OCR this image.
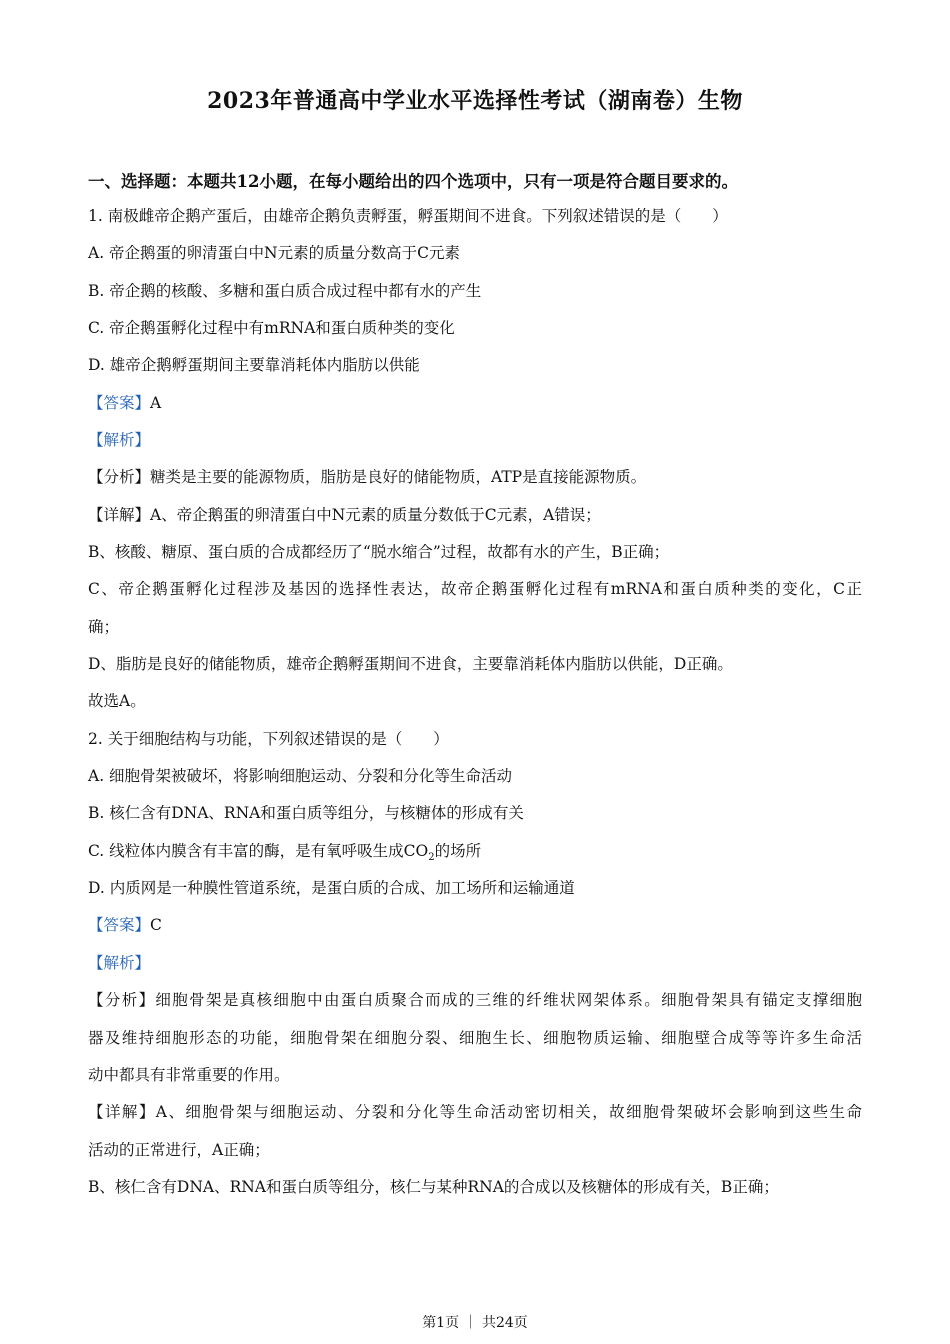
2023年普通高中学业水平选择性考试（湖南卷）生物
一、选择题：本题共12小题，在每小题给出的四个选项中，只有一项是符合题目要求的。
1. 南极雌帝企鹅产蛋后，由雄帝企鹅负责孵蛋，孵蛋期间不进食。下列叙述错误的是（　　）
A. 帝企鹅蛋的卵清蛋白中N元素的质量分数高于C元素
B. 帝企鹅的核酸、多糖和蛋白质合成过程中都有水的产生
C. 帝企鹅蛋孵化过程中有mRNA和蛋白质种类的变化
D. 雄帝企鹅孵蛋期间主要靠消耗体内脂肪以供能
【答案】A
【解析】
【分析】糖类是主要的能源物质，脂肪是良好的储能物质，ATP是直接能源物质。
【详解】A、帝企鹅蛋的卵清蛋白中N元素的质量分数低于C元素，A错误；
B、核酸、糖原、蛋白质的合成都经历了“脱水缩合”过程，故都有水的产生，B正确；
C、帝企鹅蛋孵化过程涉及基因的选择性表达，故帝企鹅蛋孵化过程有mRNA和蛋白质种类的变化，C正
确；
D、脂肪是良好的储能物质，雄帝企鹅孵蛋期间不进食，主要靠消耗体内脂肪以供能，D正确。
故选A。
2. 关于细胞结构与功能，下列叙述错误的是（　　）
A. 细胞骨架被破坏，将影响细胞运动、分裂和分化等生命活动
B. 核仁含有DNA、RNA和蛋白质等组分，与核糖体的形成有关
C. 线粒体内膜含有丰富的酶，是有氧呼吸生成$CO_2$的场所
D. 内质网是一种膜性管道系统，是蛋白质的合成、加工场所和运输通道
【答案】C
【解析】
【分析】细胞骨架是真核细胞中由蛋白质聚合而成的三维的纤维状网架体系。细胞骨架具有锚定支撑细胞
器及维持细胞形态的功能，细胞骨架在细胞分裂、细胞生长、细胞物质运输、细胞壁合成等等许多生命活
动中都具有非常重要的作用。
【详解】A、细胞骨架与细胞运动、分裂和分化等生命活动密切相关，故细胞骨架破坏会影响到这些生命
活动的正常进行，A正确；
B、核仁含有DNA、RNA和蛋白质等组分，核仁与某种RNA的合成以及核糖体的形成有关，B正确；
第1页 ｜ 共24页
